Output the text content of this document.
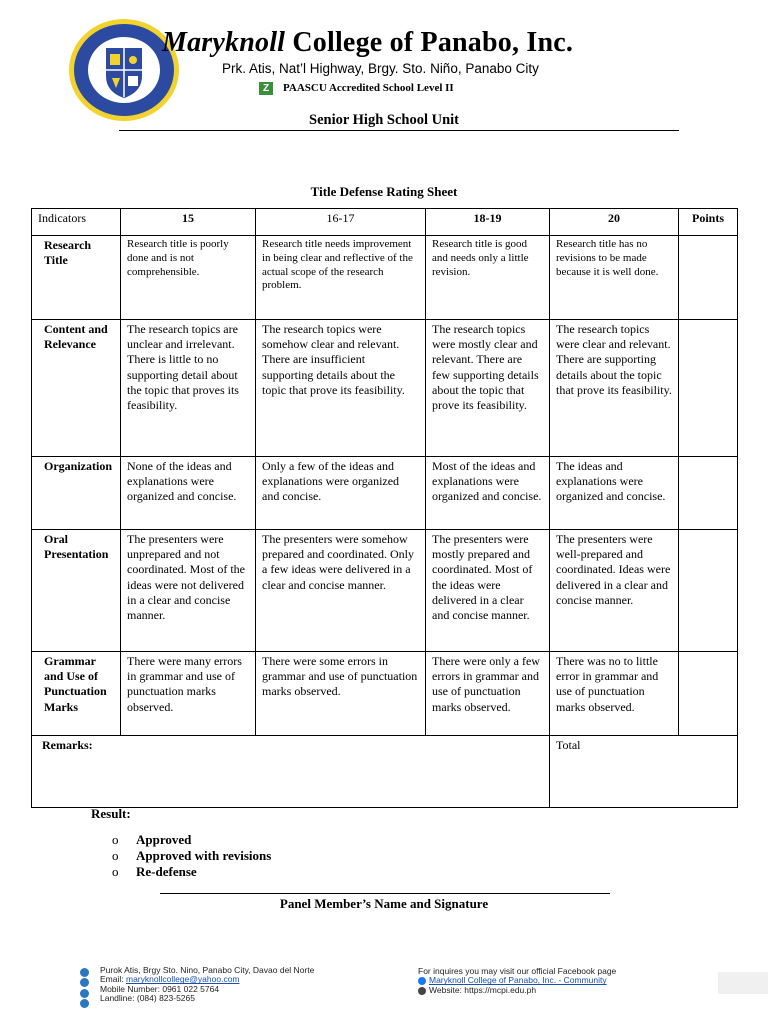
Maryknoll College of Panabo, Inc.
Prk. Atis, Nat’l Highway, Brgy. Sto. Niño, Panabo City
Z	PAASCU Accredited School Level II
Senior High School Unit
Title Defense Rating Sheet
Indicators	15	16-17	18-19	20	Points
Research Title	Research title is poorly done and is not comprehensible.	Research title needs improvement in being clear and reflective of the actual scope of the research problem.	Research title is good and needs only a little revision.	Research title has no revisions to be made because it is well done.	
Content and Relevance	The research topics are unclear and irrelevant. There is little to no supporting detail about the topic that proves its feasibility.	The research topics were somehow clear and relevant. There are insufficient supporting details about the topic that prove its feasibility.	The research topics were mostly clear and relevant. There are few supporting details about the topic that prove its feasibility.	The research topics were clear and relevant. There are supporting details about the topic that prove its feasibility.	
Organization	None of the ideas and explanations were organized and concise.	Only a few of the ideas and explanations were organized and concise.	Most of the ideas and explanations were organized and concise.	The ideas and explanations were organized and concise.	
Oral Presentation	The presenters were unprepared and not coordinated. Most of the ideas were not delivered in a clear and concise manner.	The presenters were somehow prepared and coordinated. Only a few ideas were delivered in a clear and concise manner.	The presenters were mostly prepared and coordinated. Most of the ideas were delivered in a clear and concise manner.	The presenters were well-prepared and coordinated. Ideas were delivered in a clear and concise manner.	
Grammar and Use of Punctuation Marks	There were many errors in grammar and use of punctuation marks observed.	There were some errors in grammar and use of punctuation marks observed.	There were only a few errors in grammar and use of punctuation marks observed.	There was no to little error in grammar and use of punctuation marks observed.	
Remarks:				Total	
Result:
o Approved
o Approved with revisions
o Re-defense
Panel Member’s Name and Signature
Purok Atis, Brgy Sto. Nino, Panabo City, Davao del Norte
Email: maryknollcollege@yahoo.com
Mobile Number: 0961 022 5764
Landline: (084) 823-5265
For inquires you may visit our official Facebook page
Maryknoll College of Panabo, Inc. - Community
Website: https://mcpi.edu.ph
